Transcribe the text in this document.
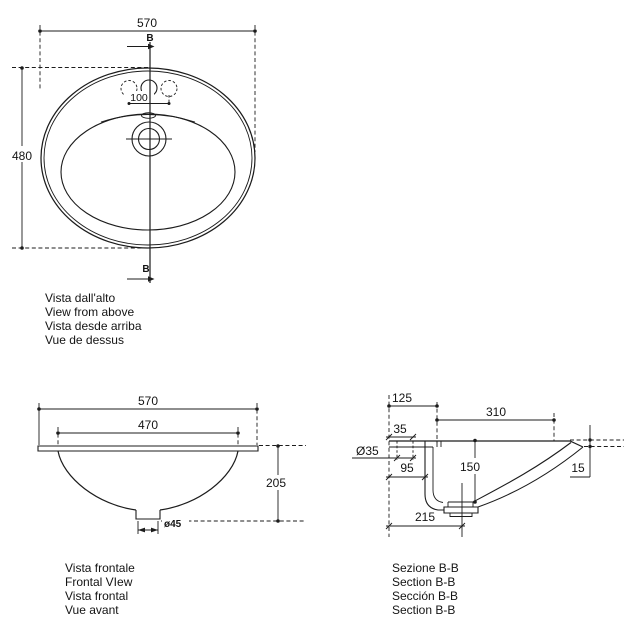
570
480
100
B
B
Vista dall'alto
View from above
Vista desde arriba
Vue de dessus
570
470
ø45
205
Vista frontale
Frontal VIew
Vista frontal
Vue avant
125
310
35
Ø35
95	150
215
15
Sezione B-B
Section B-B
Sección B-B
Section B-B
